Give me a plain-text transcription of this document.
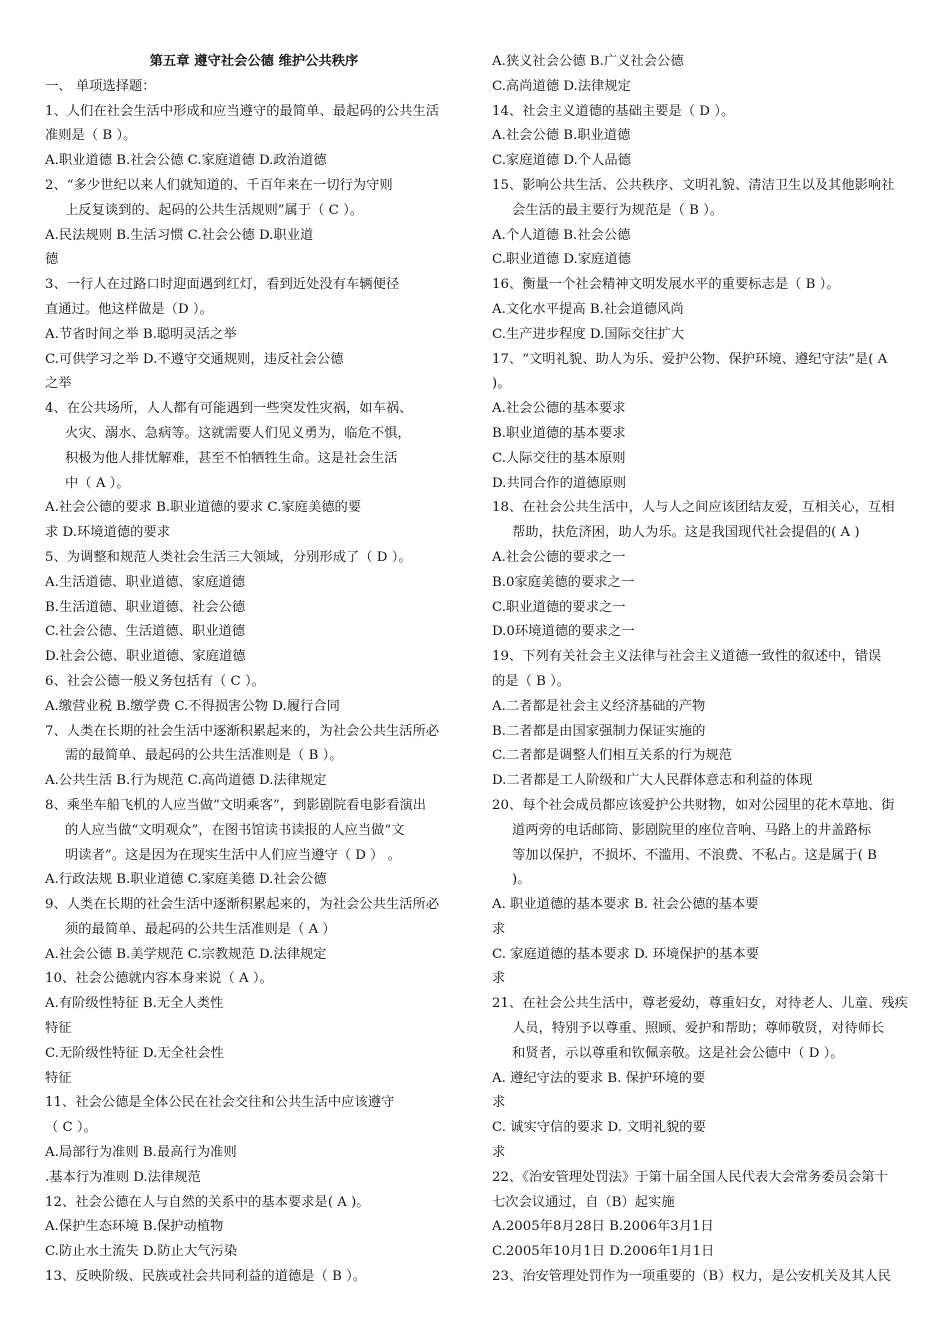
第五章 遵守社会公德 维护公共秩序
一、 单项选择题：
1、人们在社会生活中形成和应当遵守的最简单、最起码的公共生活
准则是（ B ）。
A.职业道德 B.社会公德 C.家庭道德 D.政治道德
2、“多少世纪以来人们就知道的、千百年来在一切行为守则
上反复谈到的、起码的公共生活规则”属于（ C ）。
A.民法规则 B.生活习惯 C.社会公德 D.职业道
德
3、一行人在过路口时迎面遇到红灯，看到近处没有车辆便径
直通过。他这样做是（D ）。
A.节省时间之举 B.聪明灵活之举
C.可供学习之举 D.不遵守交通规则，违反社会公德
之举
4、在公共场所，人人都有可能遇到一些突发性灾祸，如车祸、
火灾、溺水、急病等。这就需要人们见义勇为，临危不惧，
积极为他人排忧解难，甚至不怕牺牲生命。这是社会生活
中（ A ）。
A.社会公德的要求 B.职业道德的要求 C.家庭美德的要
求 D.环境道德的要求
5、为调整和规范人类社会生活三大领域，分别形成了（ D ）。
A.生活道德、职业道德、家庭道德
B.生活道德、职业道德、社会公德
C.社会公德、生活道德、职业道德
D.社会公德、职业道德、家庭道德
6、社会公德一般义务包括有（ C ）。
A.缴营业税 B.缴学费 C.不得损害公物 D.履行合同
7、人类在长期的社会生活中逐渐积累起来的，为社会公共生活所必
需的最简单、最起码的公共生活准则是（ B ）。
A.公共生活 B.行为规范 C.高尚道德 D.法律规定
8、乘坐车船飞机的人应当做“文明乘客”，到影剧院看电影看演出
的人应当做“文明观众”，在图书馆读书读报的人应当做“文
明读者”。这是因为在现实生活中人们应当遵守（ D ） 。
A.行政法规 B.职业道德 C.家庭美德 D.社会公德
9、人类在长期的社会生活中逐渐积累起来的，为社会公共生活所必
须的最简单、最起码的公共生活准则是（ A ）
A.社会公德 B.美学规范 C.宗教规范 D.法律规定
10、社会公德就内容本身来说（ A ）。
A.有阶级性特征 B.无全人类性
特征
C.无阶级性特征 D.无全社会性
特征
11、社会公德是全体公民在社会交往和公共生活中应该遵守
（ C ）。
A.局部行为准则 B.最高行为准则
.基本行为准则 D.法律规范
12、社会公德在人与自然的关系中的基本要求是( A )。
A.保护生态环境 B.保护动植物
C.防止水土流失 D.防止大气污染
13、反映阶级、民族或社会共同利益的道德是（ B ）。
A.狭义社会公德 B.广义社会公德
C.高尚道德 D.法律规定
14、社会主义道德的基础主要是（ D ）。
A.社会公德 B.职业道德
C.家庭道德 D.个人品德
15、影响公共生活、公共秩序、文明礼貌、清洁卫生以及其他影响社
会生活的最主要行为规范是（ B ）。
A.个人道德 B.社会公德
C.职业道德 D.家庭道德
16、衡量一个社会精神文明发展水平的重要标志是（ B ）。
A.文化水平提高 B.社会道德风尚
C.生产进步程度 D.国际交往扩大
17、“文明礼貌、助人为乐、爱护公物、保护环境、遵纪守法”是( A
)。
A.社会公德的基本要求
B.职业道德的基本要求
C.人际交往的基本原则
D.共同合作的道德原则
18、在社会公共生活中，人与人之间应该团结友爱，互相关心，互相
帮助，扶危济困，助人为乐。这是我国现代社会提倡的( A )
A.社会公德的要求之一
B.0家庭美德的要求之一
C.职业道德的要求之一
D.0环境道德的要求之一
19、下列有关社会主义法律与社会主义道德一致性的叙述中，错误
的是（ B ）。
A.二者都是社会主义经济基础的产物
B.二者都是由国家强制力保证实施的
C.二者都是调整人们相互关系的行为规范
D.二者都是工人阶级和广大人民群体意志和利益的体现
20、每个社会成员都应该爱护公共财物，如对公园里的花木草地、街
道两旁的电话邮筒、影剧院里的座位音响、马路上的井盖路标
等加以保护，不损坏、不滥用、不浪费、不私占。这是属于( B
)。
A. 职业道德的基本要求 B. 社会公德的基本要
求
C. 家庭道德的基本要求 D. 环境保护的基本要
求
21、在社会公共生活中，尊老爱幼，尊重妇女，对待老人、儿童、残疾
人员，特别予以尊重、照顾、爱护和帮助；尊师敬贤，对待师长
和贤者，示以尊重和钦佩亲敬。这是社会公德中（ D ）。
A. 遵纪守法的要求 B. 保护环境的要
求
C. 诚实守信的要求 D. 文明礼貌的要
求
22、《治安管理处罚法》于第十届全国人民代表大会常务委员会第十
七次会议通过，自（B）起实施
A.2005年8月28日 B.2006年3月1日
C.2005年10月1日 D.2006年1月1日
23、治安管理处罚作为一项重要的（B）权力，是公安机关及其人民
